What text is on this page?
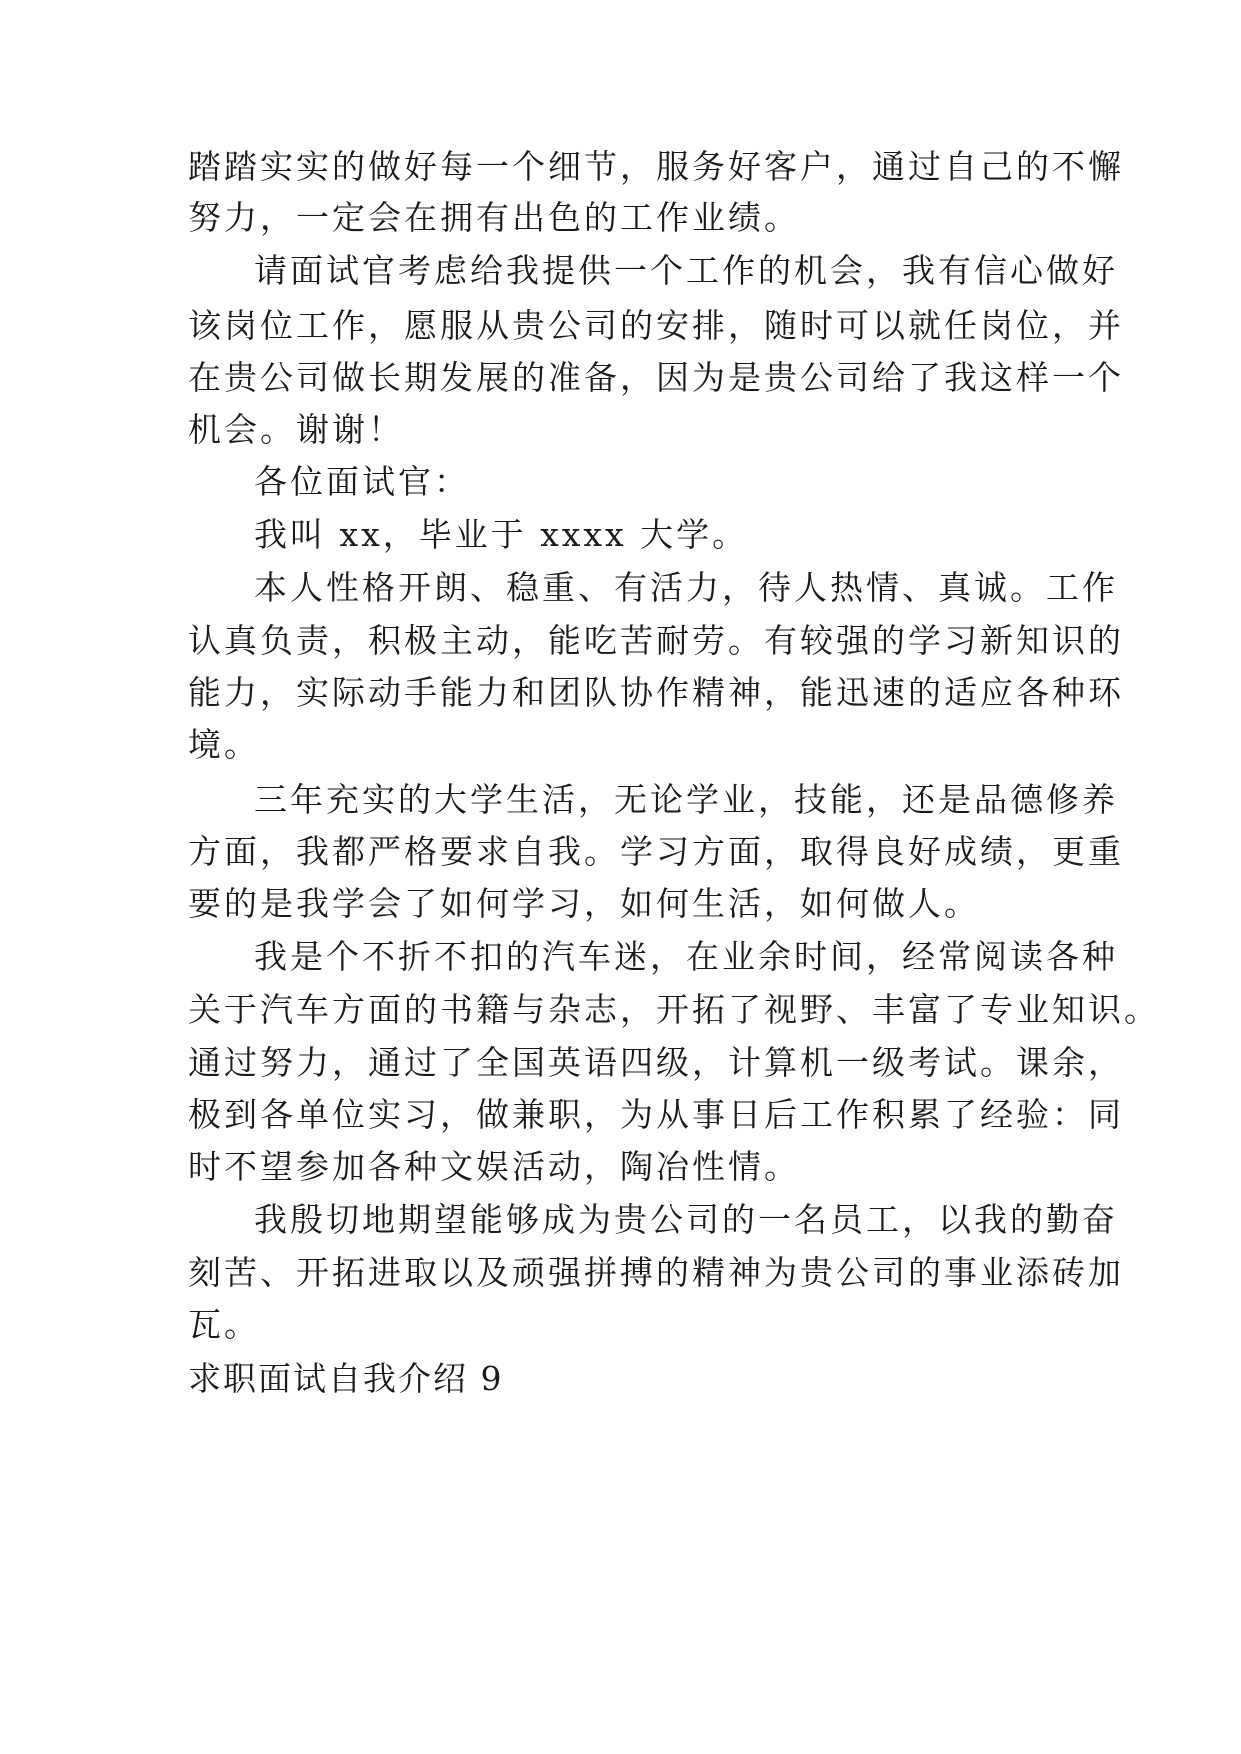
踏踏实实的做好每一个细节，服务好客户，通过自己的不懈
努力，一定会在拥有出色的工作业绩。
请面试官考虑给我提供一个工作的机会，我有信心做好
该岗位工作，愿服从贵公司的安排，随时可以就任岗位，并
在贵公司做长期发展的准备，因为是贵公司给了我这样一个
机会。谢谢！
各位面试官：
我叫 xx，毕业于 xxxx 大学。
本人性格开朗、稳重、有活力，待人热情、真诚。工作
认真负责，积极主动，能吃苦耐劳。有较强的学习新知识的
能力，实际动手能力和团队协作精神，能迅速的适应各种环
境。
三年充实的大学生活，无论学业，技能，还是品德修养
方面，我都严格要求自我。学习方面，取得良好成绩，更重
要的是我学会了如何学习，如何生活，如何做人。
我是个不折不扣的汽车迷，在业余时间，经常阅读各种
关于汽车方面的书籍与杂志，开拓了视野、丰富了专业知识。
通过努力，通过了全国英语四级，计算机一级考试。课余，
极到各单位实习，做兼职，为从事日后工作积累了经验：同
时不望参加各种文娱活动，陶冶性情。
我殷切地期望能够成为贵公司的一名员工，以我的勤奋
刻苦、开拓进取以及顽强拼搏的精神为贵公司的事业添砖加
瓦。
求职面试自我介绍 9
